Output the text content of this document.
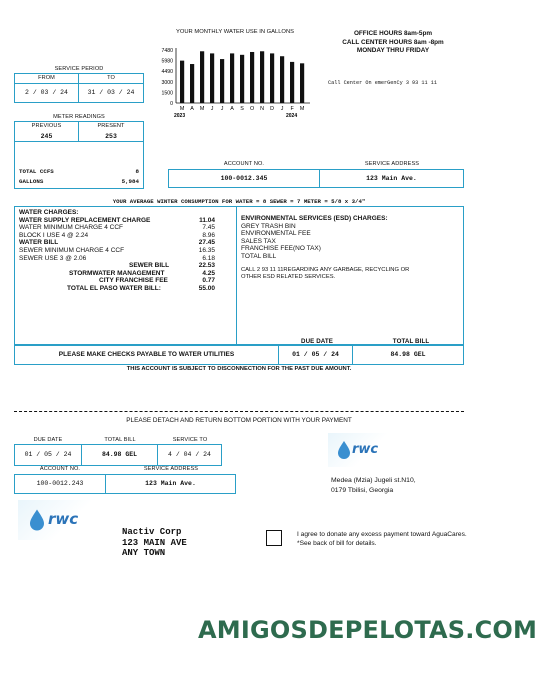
YOUR MONTHLY WATER USE IN GALLONS
7480
5980
4490
3000
1500
0
M A M J J A S O N D J F M
2023	2024
OFFICE HOURS 8am-5pm
CALL CENTER HOURS 8am -8pm
MONDAY THRU FRIDAY
Call Center On emerGenCy 3 93 11 11
SERVICE PERIOD
FROM	TO
2 / 03 / 24	31 / 03 / 24
METER READINGS
PREVIOUS	PRESENT
245	253
TOTAL CCFS	8
GALLONS	5,984
ACCOUNT NO.	SERVICE ADDRESS
100-0012.345	123 Main Ave.
YOUR AVERAGE WINTER CONSUMPTION FOR WATER = 8 SEWER = 7 METER = 5/8 x 3/4"
WATER CHARGES:
WATER SUPPLY REPLACEMENT CHARGE	11.04
WATER MINIMUM CHARGE 4 CCF	7.45
BLOCK I USE 4 @ 2.24	8.96
WATER BILL	27.45
SEWER MINIMUM CHARGE 4 CCF	16.35
SEWER USE 3 @ 2.06	6.18
SEWER BILL	22.53
STORMWATER MANAGEMENT	4.25
CITY FRANCHISE FEE	0.77
TOTAL EL PASO WATER BILL:	55.00
ENVIRONMENTAL SERVICES (ESD) CHARGES:
GREY TRASH BIN
ENVIRONMENTAL FEE
SALES TAX
FRANCHISE FEE(NO TAX)
TOTAL BILL
CALL 2 93 11 11REGARDING ANY GARBAGE, RECYCLING OR OTHER ESD RELATED SERVICES.
DUE DATE	TOTAL BILL
PLEASE MAKE CHECKS PAYABLE TO WATER UTILITIES	01 / 05 / 24	84.98 GEL
THIS ACCOUNT IS SUBJECT TO DISCONNECTION FOR THE PAST DUE AMOUNT.
PLEASE DETACH AND RETURN BOTTOM PORTION WITH YOUR PAYMENT
DUE DATE	TOTAL BILL	SERVICE TO
01 / 05 / 24	84.98 GEL	4 / 04 / 24
ACCOUNT NO.	SERVICE ADDRESS
100-0012.243	123 Main Ave.
rwc
Medea (Mzia) Jugeli st.N10,
0179 Tbilisi, Georgia
rwc
Nactiv Corp
123 MAIN AVE
ANY TOWN
I agree to donate any excess payment toward AguaCares. *See back of bill for details.
AMIGOSDEPELOTAS.COM
